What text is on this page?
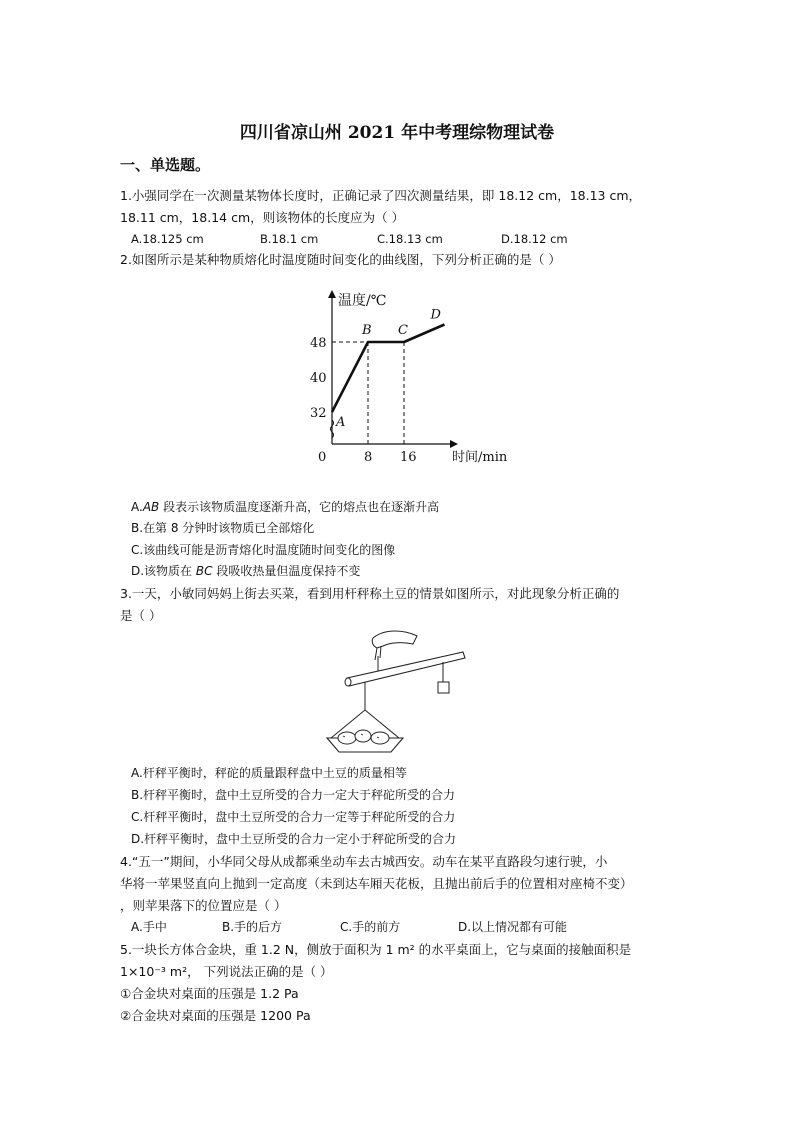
四川省凉山州 2021 年中考理综物理试卷
一、单选题。
1.小强同学在一次测量某物体长度时，正确记录了四次测量结果，即 18.12 cm，18.13 cm，
18.11 cm，18.14 cm，则该物体的长度应为（ ）
A.18.125 cm	B.18.1 cm	C.18.13 cm	D.18.12 cm
2.如图所示是某种物质熔化时温度随时间变化的曲线图，下列分析正确的是（ ）
温度/℃
时间/min
0	8 16
32
40
48
A
B C
D
A.AB 段表示该物质温度逐渐升高，它的熔点也在逐渐升高
B.在第 8 分钟时该物质已全部熔化
C.该曲线可能是沥青熔化时温度随时间变化的图像
D.该物质在 BC 段吸收热量但温度保持不变
3.一天，小敏同妈妈上街去买菜，看到用杆秤称土豆的情景如图所示，对此现象分析正确的
是（ ）
A.杆秤平衡时，秤砣的质量跟秤盘中土豆的质量相等
B.杆秤平衡时，盘中土豆所受的合力一定大于秤砣所受的合力
C.杆秤平衡时，盘中土豆所受的合力一定等于秤砣所受的合力
D.杆秤平衡时，盘中土豆所受的合力一定小于秤砣所受的合力
4.“五一”期间，小华同父母从成都乘坐动车去古城西安。动车在某平直路段匀速行驶，小
华将一苹果竖直向上抛到一定高度（未到达车厢天花板，且抛出前后手的位置相对座椅不变）
，则苹果落下的位置应是（ ）
A.手中	B.手的后方	C.手的前方	D.以上情况都有可能
5.一块长方体合金块，重 1.2 N，侧放于面积为 1 m² 的水平桌面上，它与桌面的接触面积是
1×10⁻³ m²， 下列说法正确的是（ ）
①合金块对桌面的压强是 1.2 Pa
②合金块对桌面的压强是 1200 Pa
